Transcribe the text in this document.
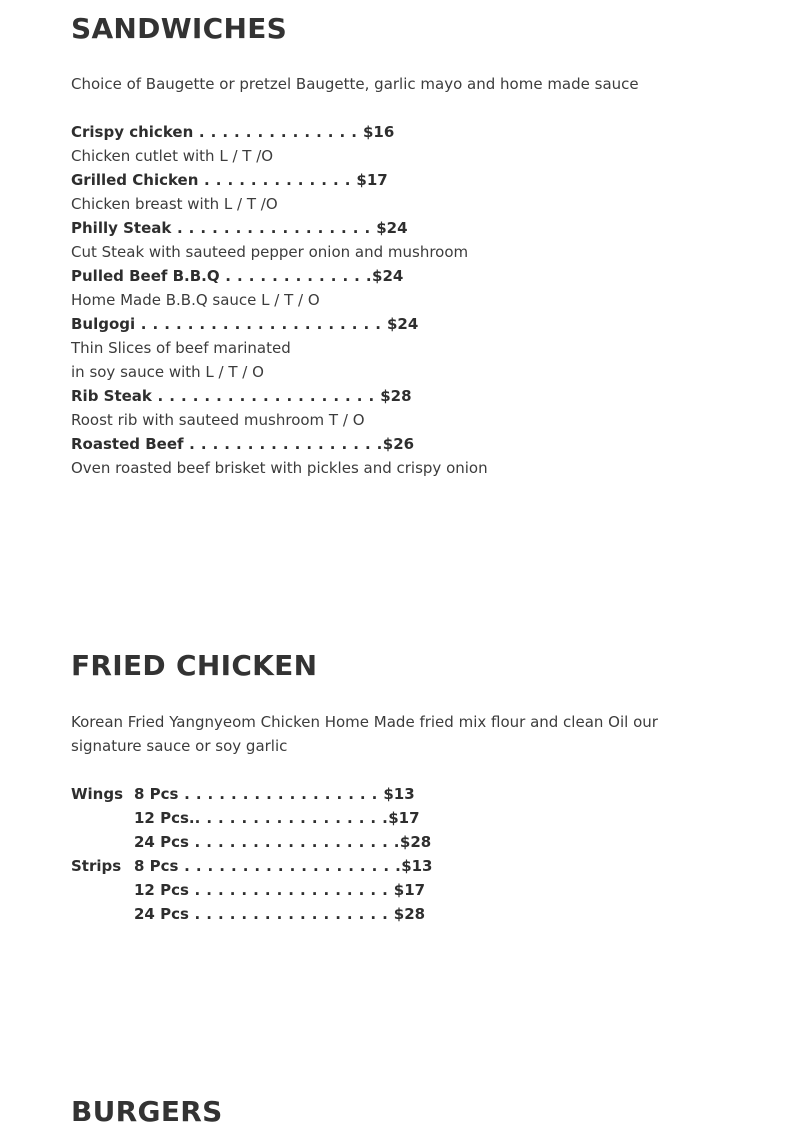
SANDWICHES

Choice of Baugette or pretzel Baugette, garlic mayo and home made sauce

Crispy chicken . . . . . . . . . . . . . . $16
Chicken cutlet with L / T /O
Grilled Chicken . . . . . . . . . . . . . $17
Chicken breast with L / T /O
Philly Steak . . . . . . . . . . . . . . . . . $24
Cut Steak with sauteed pepper onion and mushroom
Pulled Beef B.B.Q . . . . . . . . . . . . .$24
Home Made B.B.Q sauce L / T / O
Bulgogi . . . . . . . . . . . . . . . . . . . . . $24
Thin Slices of beef marinated
in soy sauce with L / T / O
Rib Steak . . . . . . . . . . . . . . . . . . . $28
Roost rib with sauteed mushroom T / O
Roasted Beef . . . . . . . . . . . . . . . . .$26
Oven roasted beef brisket with pickles and crispy onion
FRIED CHICKEN

Korean Fried Yangnyeom Chicken Home Made fried mix flour and clean Oil our signature sauce or soy garlic

Wings 8 Pcs . . . . . . . . . . . . . . . . . $13
12 Pcs.. . . . . . . . . . . . . . . . .$17
24 Pcs . . . . . . . . . . . . . . . . . .$28
Strips 8 Pcs . . . . . . . . . . . . . . . . . . .$13
12 Pcs . . . . . . . . . . . . . . . . . $17
24 Pcs . . . . . . . . . . . . . . . . . $28
BURGERS
